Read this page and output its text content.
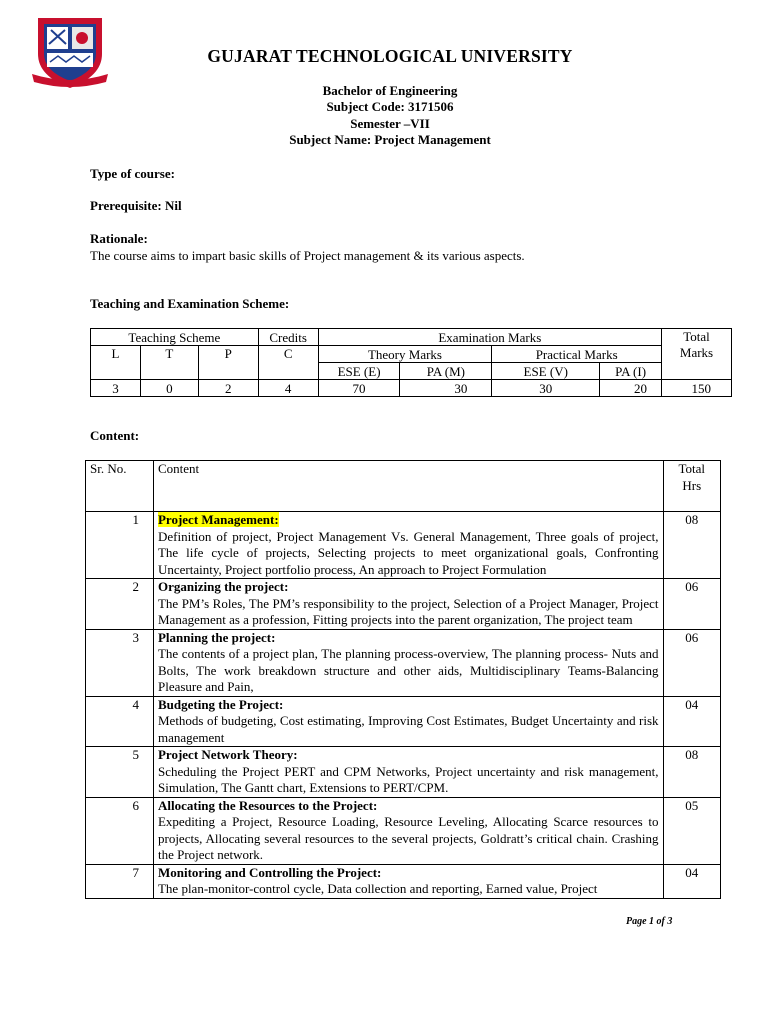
GUJARAT TECHNOLOGICAL UNIVERSITY
Bachelor of Engineering
Subject Code: 3171506
Semester –VII
Subject Name: Project Management
Type of course:
Prerequisite: Nil
Rationale:
The course aims to impart basic skills of Project management & its various aspects.
Teaching and Examination Scheme:
Teaching Scheme			Credits	Examination Marks				Total
Marks
L	T	P	C	Theory Marks		Practical Marks		
				ESE (E)	PA (M)	ESE (V)	PA (I)	
3	0	2	4	70	30	30	20	150
Content:
Sr. No.	Content	Total
Hrs
1	Project Management:
Definition of project, Project Management Vs. General Management, Three goals of project, The life cycle of projects, Selecting projects to meet organizational goals, Confronting Uncertainty, Project portfolio process, An approach to Project Formulation	08
2	Organizing the project:
The PM’s Roles, The PM’s responsibility to the project, Selection of a Project Manager, Project Management as a profession, Fitting projects into the parent organization, The project team	06
3	Planning the project:
The contents of a project plan, The planning process-overview, The planning process- Nuts and Bolts, The work breakdown structure and other aids, Multidisciplinary Teams-Balancing Pleasure and Pain,	06
4	Budgeting the Project:
Methods of budgeting, Cost estimating, Improving Cost Estimates, Budget Uncertainty and risk management	04
5	Project Network Theory:
Scheduling the Project PERT and CPM Networks, Project uncertainty and risk management, Simulation, The Gantt chart, Extensions to PERT/CPM.	08
6	Allocating the Resources to the Project:
Expediting a Project, Resource Loading, Resource Leveling, Allocating Scarce resources to projects, Allocating several resources to the several projects, Goldratt’s critical chain. Crashing the Project network.	05
7	Monitoring and Controlling the Project:
The plan-monitor-control cycle, Data collection and reporting, Earned value, Project	04
Page 1 of 3
